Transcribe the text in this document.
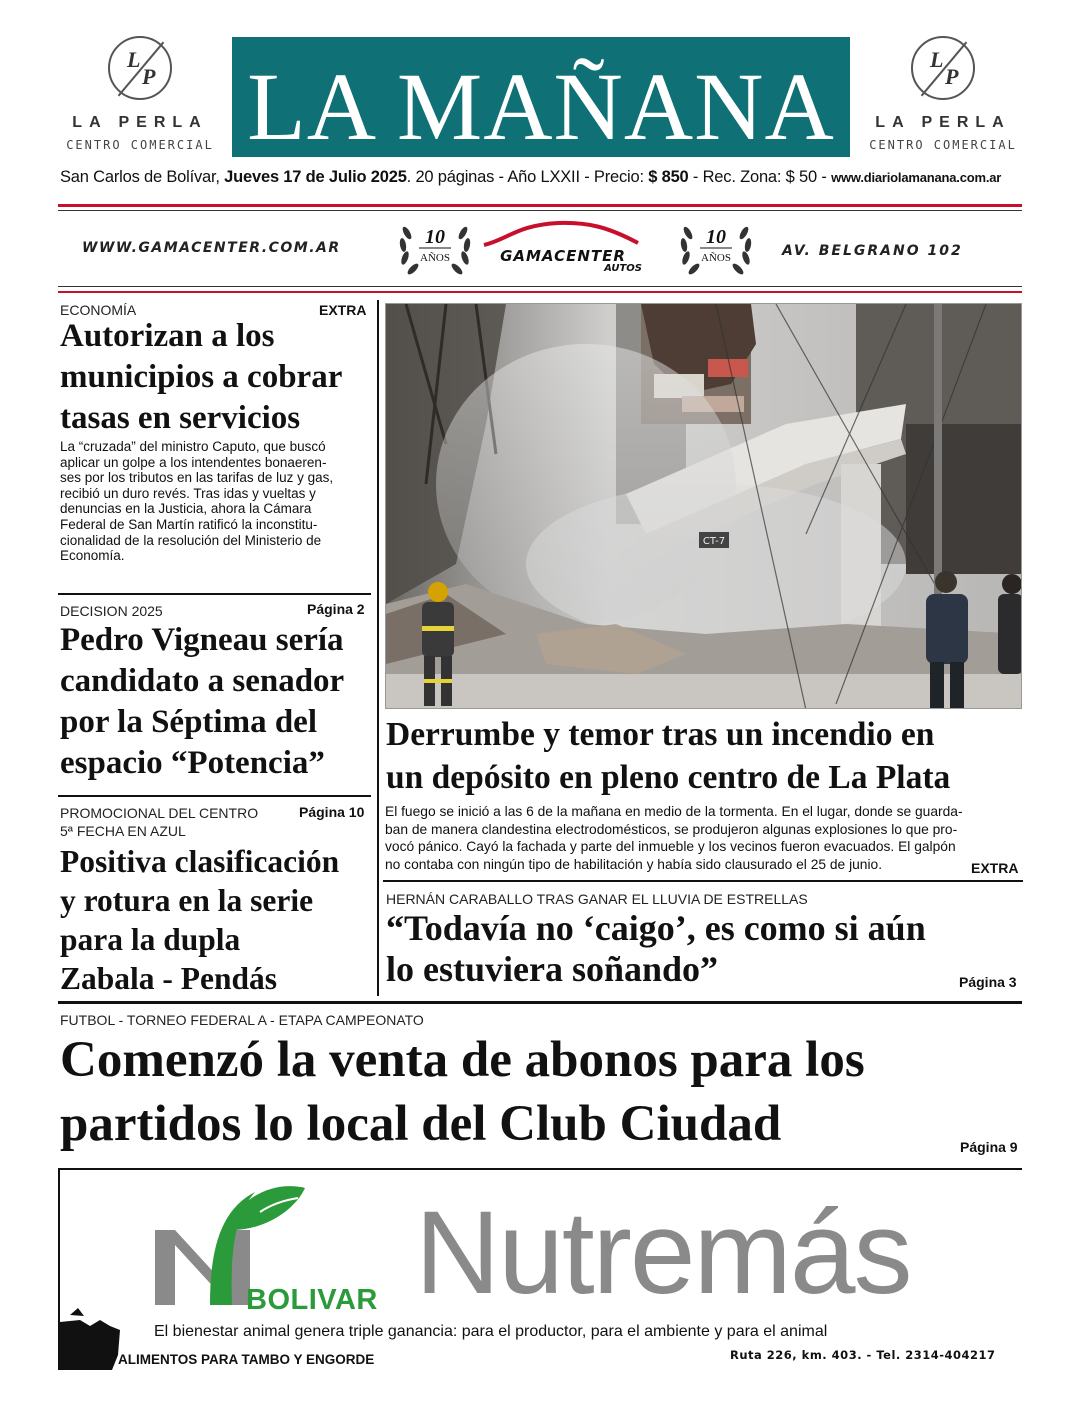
L
P
LA PERLA
CENTRO COMERCIAL LA MAÑANA	L
P
LA PERLA
CENTRO COMERCIAL
San Carlos de Bolívar, Jueves 17 de Julio 2025. 20 páginas - Año LXXII - Precio: $ 850 - Rec. Zona: $ 50 - www.diariolamanana.com.ar
WWW.GAMACENTER.COM.AR	10
AÑOS	GAMACENTER
AUTOS
10
AÑOS	AV. BELGRANO 102
ECONOMÍA	EXTRA
Autorizan a los
municipios a cobrar
tasas en servicios
La “cruzada” del ministro Caputo, que buscó
aplicar un golpe a los intendentes bonaeren-
ses por los tributos en las tarifas de luz y gas,
recibió un duro revés. Tras idas y vueltas y
denuncias en la Justicia, ahora la Cámara
Federal de San Martín ratificó la inconstitu-
cionalidad de la resolución del Ministerio de
Economía.
DECISION 2025	Página 2
Pedro Vigneau sería
candidato a senador
por la Séptima del
espacio “Potencia”
PROMOCIONAL DEL CENTRO	Página 10
5ª FECHA EN AZUL
Positiva clasificación
y rotura en la serie
para la dupla
Zabala - Pendás
CT-7
Derrumbe y temor tras un incendio en
un depósito en pleno centro de La Plata
El fuego se inició a las 6 de la mañana en medio de la tormenta. En el lugar, donde se guarda-
ban de manera clandestina electrodomésticos, se produjeron algunas explosiones lo que pro-
vocó pánico. Cayó la fachada y parte del inmueble y los vecinos fueron evacuados. El galpón
no contaba con ningún tipo de habilitación y había sido clausurado el 25 de junio.	EXTRA
HERNÁN CARABALLO TRAS GANAR EL LLUVIA DE ESTRELLAS
“Todavía no ‘caigo’, es como si aún
lo estuviera soñando”	Página 3
FUTBOL - TORNEO FEDERAL A - ETAPA CAMPEONATO
Comenzó la venta de abonos para los
partidos lo local del Club Ciudad	Página 9
BOLIVAR Nutremás
El bienestar animal genera triple ganancia: para el productor, para el ambiente y para el animal
ALIMENTOS PARA TAMBO Y ENGORDE	Ruta 226, km. 403. - Tel. 2314-404217
